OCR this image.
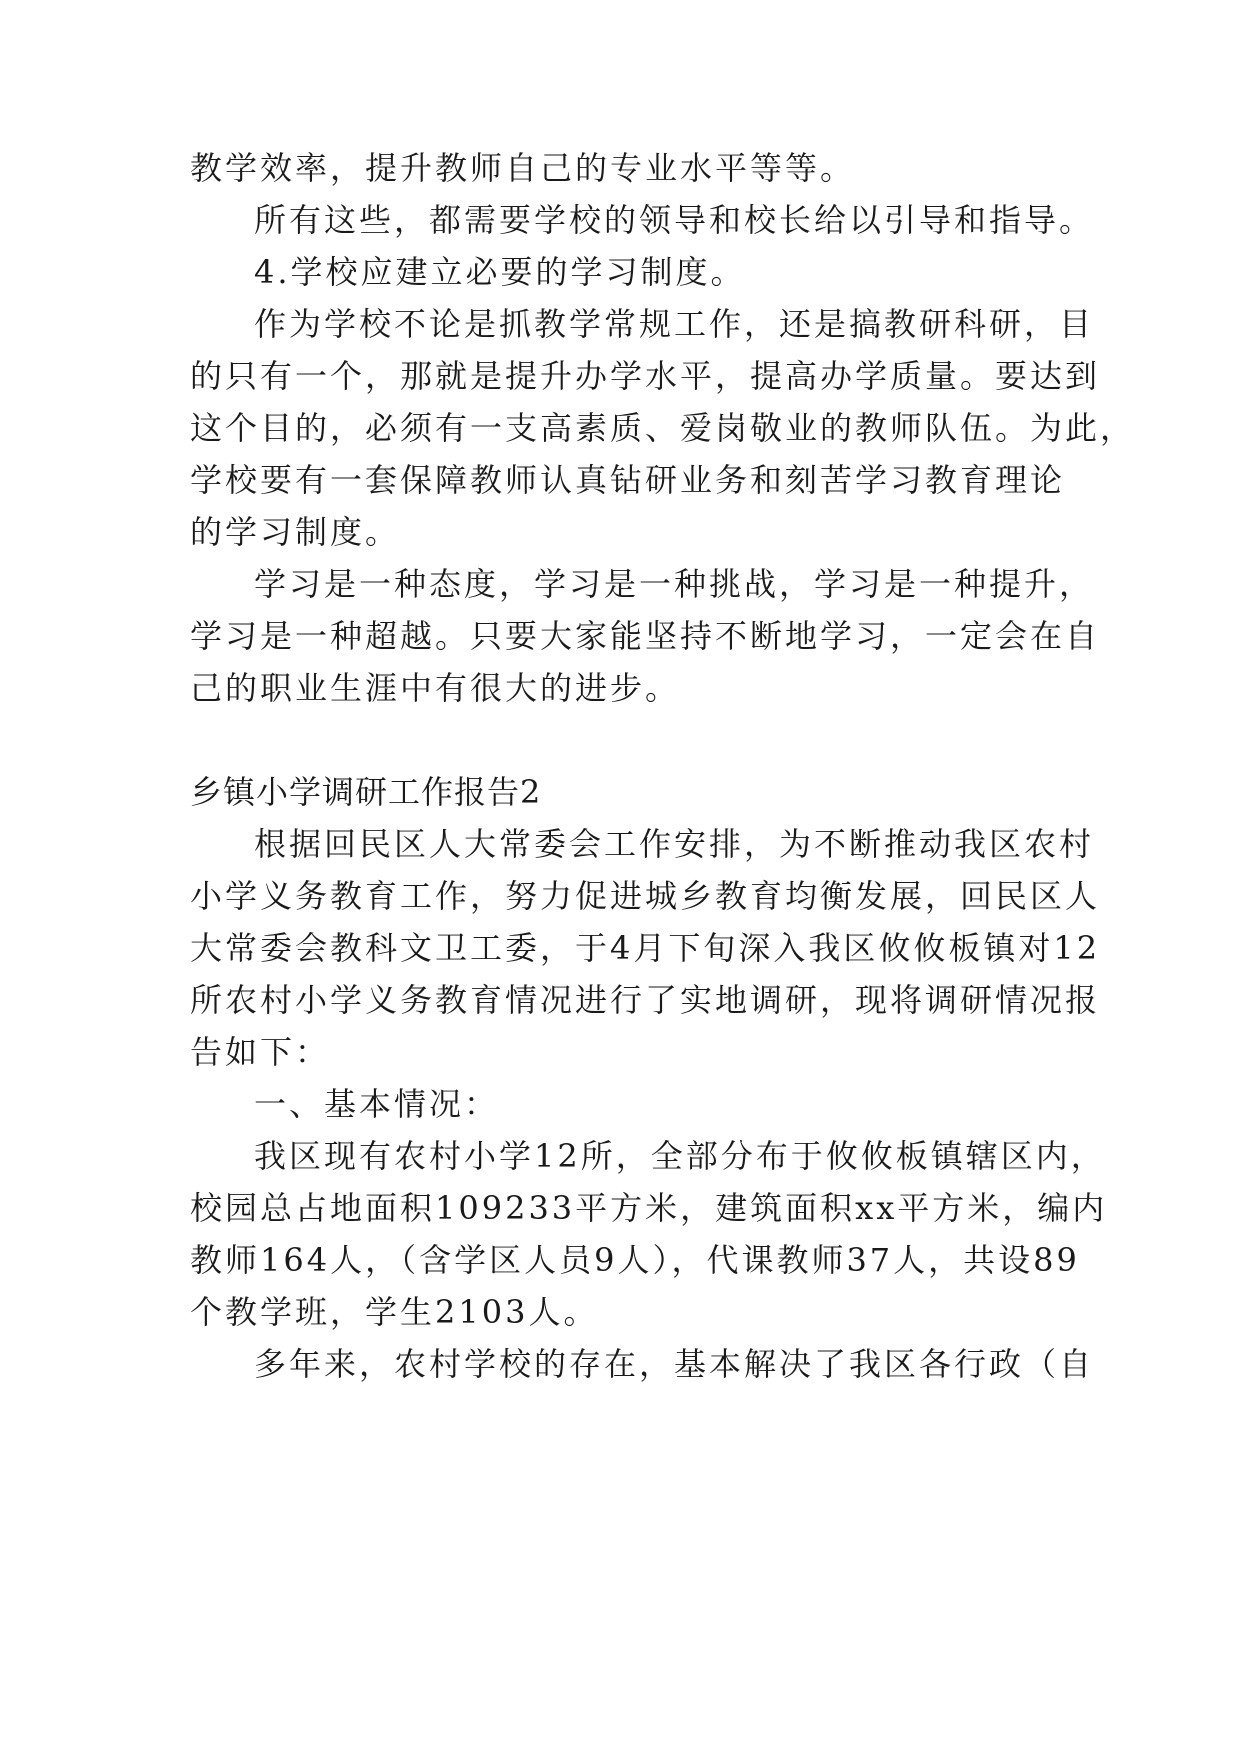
教学效率，提升教师自己的专业水平等等。
所有这些，都需要学校的领导和校长给以引导和指导。
4.学校应建立必要的学习制度。
作为学校不论是抓教学常规工作，还是搞教研科研，目
的只有一个，那就是提升办学水平，提高办学质量。要达到
这个目的，必须有一支高素质、爱岗敬业的教师队伍。为此，
学校要有一套保障教师认真钻研业务和刻苦学习教育理论
的学习制度。
学习是一种态度，学习是一种挑战，学习是一种提升，
学习是一种超越。只要大家能坚持不断地学习，一定会在自
己的职业生涯中有很大的进步。
乡镇小学调研工作报告2
根据回民区人大常委会工作安排，为不断推动我区农村
小学义务教育工作，努力促进城乡教育均衡发展，回民区人
大常委会教科文卫工委，于4月下旬深入我区攸攸板镇对12
所农村小学义务教育情况进行了实地调研，现将调研情况报
告如下：
一、基本情况：
我区现有农村小学12所，全部分布于攸攸板镇辖区内，
校园总占地面积109233平方米，建筑面积xx平方米，编内
教师164人，（含学区人员9人），代课教师37人，共设89
个教学班，学生2103人。
多年来，农村学校的存在，基本解决了我区各行政（自
